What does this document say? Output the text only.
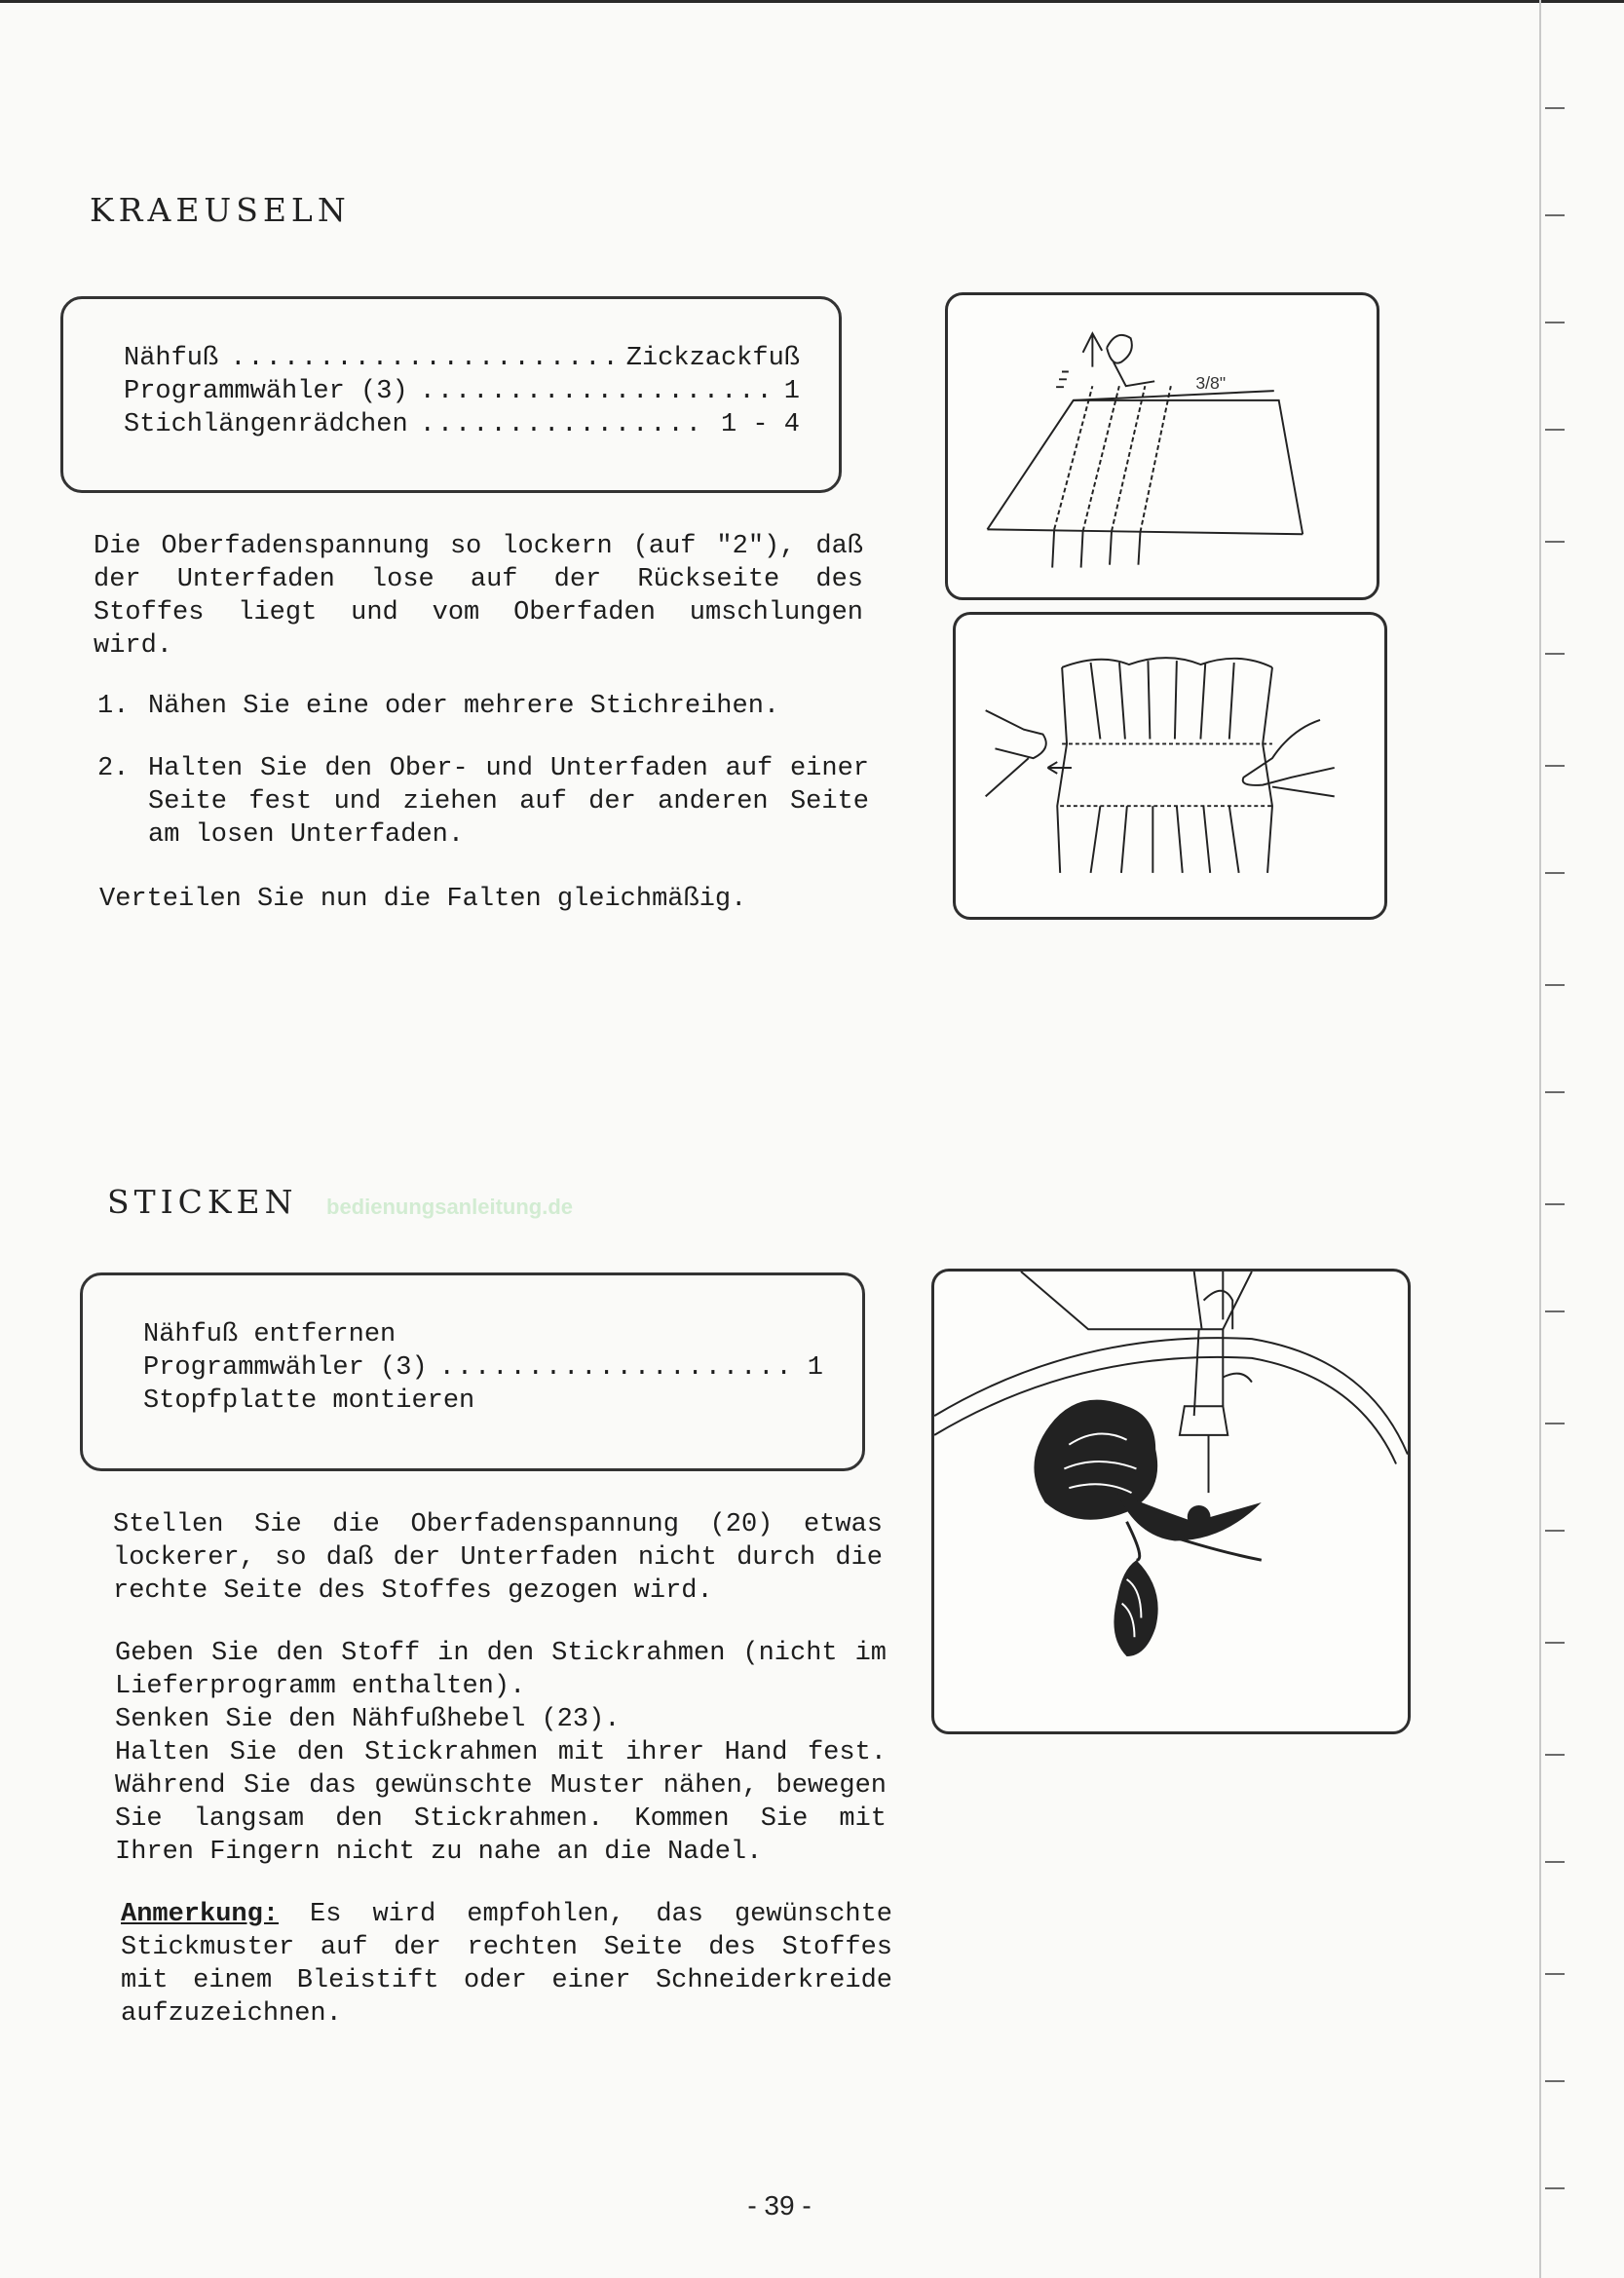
KRAEUSELN
Nähfuß .....	Zickzackfuß
Programmwähler (3) .....	1
Stichlängenrädchen .....	1 - 4

Die Oberfadenspannung so lockern (auf "2"), daß der Unterfaden lose auf der Rückseite des Stoffes liegt und vom Oberfaden umschlungen wird.

1. Nähen Sie eine oder mehrere Stichreihen.
2. Halten Sie den Ober- und Unterfaden auf einer Seite fest und ziehen auf der anderen Seite am losen Unterfaden.

Verteilen Sie nun die Falten gleichmäßig.

3/8"
STICKEN bedienungsanleitung.de
Nähfuß entfernen
Programmwähler (3) .....	1
Stopfplatte montieren

Stellen Sie die Oberfadenspannung (20) etwas lockerer, so daß der Unterfaden nicht durch die rechte Seite des Stoffes gezogen wird.

Geben Sie den Stoff in den Stickrahmen (nicht im Lieferprogramm enthalten).

Senken Sie den Nähfußhebel (23).

Halten Sie den Stickrahmen mit ihrer Hand fest. Während Sie das gewünschte Muster nähen, bewegen Sie langsam den Stickrahmen. Kommen Sie mit Ihren Fingern nicht zu nahe an die Nadel.

Anmerkung: Es wird empfohlen, das gewünschte Stickmuster auf der rechten Seite des Stoffes mit einem Bleistift oder einer Schneiderkreide aufzuzeichnen.

- 39 -
